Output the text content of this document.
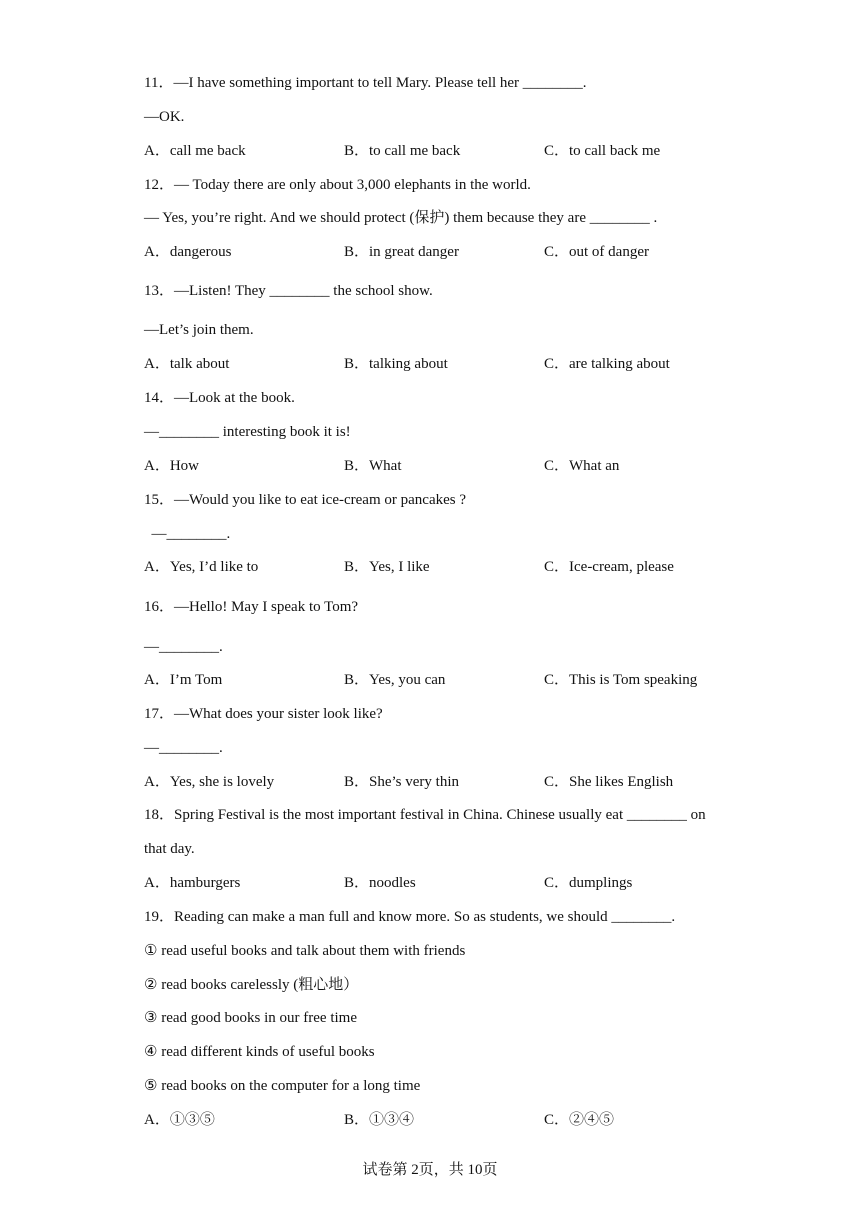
11．—I have something important to tell Mary. Please tell her ________.
—OK.
A．call me back	B．to call me back	C．to call back me
12．— Today there are only about 3,000 elephants in the world.
— Yes, you’re right. And we should protect (保护) them because they are ________ .
A．dangerous	B．in great danger	C．out of danger
13．—Listen! They ________ the school show.
—Let’s join them.
A．talk about	B．talking about	C．are talking about
14．—Look at the book.
—________ interesting book it is!
A．How	B．What	C．What an
15．—Would you like to eat ice-cream or pancakes ?
—________.
A．Yes, I’d like to	B．Yes, I like	C．Ice-cream, please
16．—Hello! May I speak to Tom?
—________.
A．I’m Tom	B．Yes, you can	C．This is Tom speaking
17．—What does your sister look like?
—________.
A．Yes, she is lovely	B．She’s very thin	C．She likes English
18．Spring Festival is the most important festival in China. Chinese usually eat ________ on
that day.
A．hamburgers	B．noodles	C．dumplings
19．Reading can make a man full and know more. So as students, we should ________.
① read useful books and talk about them with friends
② read books carelessly (粗心地）
③ read good books in our free time
④ read different kinds of useful books
⑤ read books on the computer for a long time
A．①③⑤	B．①③④	C．②④⑤
试卷第 2页，共 10页
